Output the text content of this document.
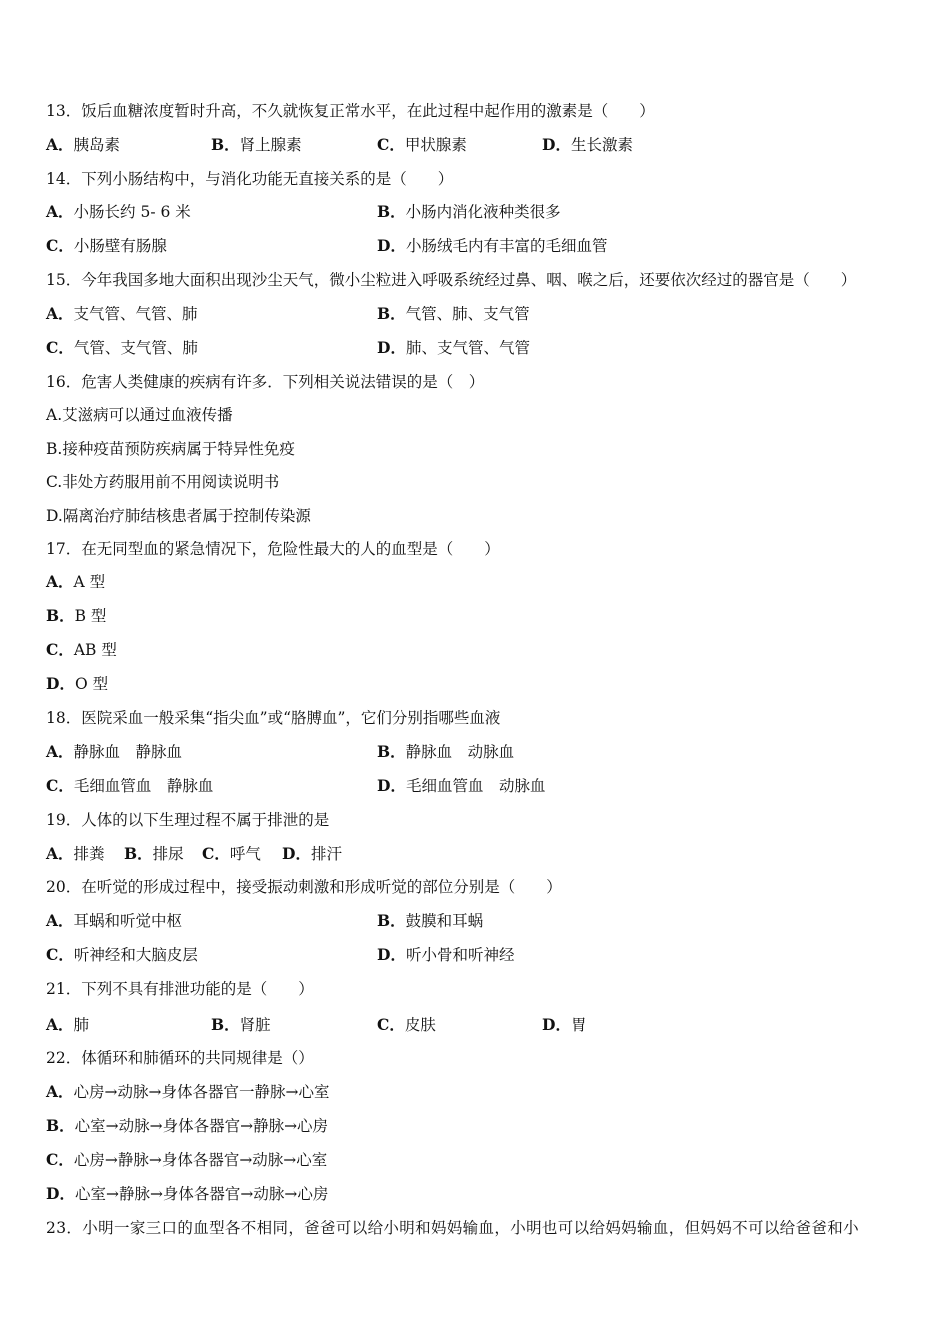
13．饭后血糖浓度暂时升高，不久就恢复正常水平，在此过程中起作用的激素是（　　）
A．胰岛素	B．肾上腺素	C．甲状腺素	D．生长激素
14．下列小肠结构中，与消化功能无直接关系的是（　　）
A．小肠长约 5- 6 米	B．小肠内消化液种类很多
C．小肠壁有肠腺	D．小肠绒毛内有丰富的毛细血管
15．今年我国多地大面积出现沙尘天气，微小尘粒进入呼吸系统经过鼻、咽、喉之后，还要依次经过的器官是（　　）
A．支气管、气管、肺	B．气管、肺、支气管
C．气管、支气管、肺	D．肺、支气管、气管
16．危害人类健康的疾病有许多．下列相关说法错误的是（　）
A.艾滋病可以通过血液传播
B.接种疫苗预防疾病属于特异性免疫
C.非处方药服用前不用阅读说明书
D.隔离治疗肺结核患者属于控制传染源
17．在无同型血的紧急情况下，危险性最大的人的血型是（　　）
A．A 型
B．B 型
C．AB 型
D．O 型
18．医院采血一般采集“指尖血”或“胳膊血”，它们分别指哪些血液
A．静脉血　静脉血	B．静脉血　动脉血
C．毛细血管血　静脉血	D．毛细血管血　动脉血
19．人体的以下生理过程不属于排泄的是
A．排粪 B．排尿 C．呼气 D．排汗
20．在听觉的形成过程中，接受振动刺激和形成听觉的部位分别是（　　）
A．耳蜗和听觉中枢	B．鼓膜和耳蜗
C．听神经和大脑皮层	D．听小骨和听神经
21．下列不具有排泄功能的是（　　）
A．肺	B．肾脏	C．皮肤	D．胃
22．体循环和肺循环的共同规律是（）
A．心房→动脉→身体各器官一静脉→心室
B．心室→动脉→身体各器官→静脉→心房
C．心房→静脉→身体各器官→动脉→心室
D．心室→静脉→身体各器官→动脉→心房
23．小明一家三口的血型各不相同，爸爸可以给小明和妈妈输血，小明也可以给妈妈输血，但妈妈不可以给爸爸和小
